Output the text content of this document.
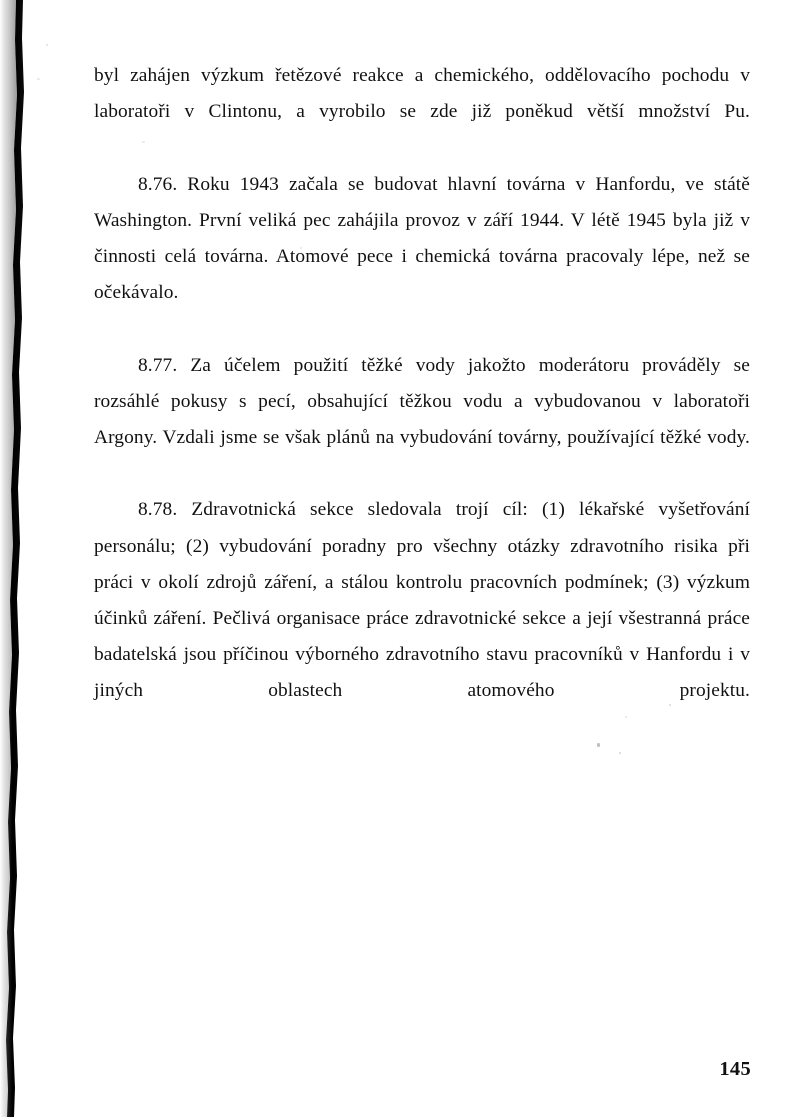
byl zahájen výzkum řetězové reakce a chemického, oddělovacího pochodu v laboratoři v Clintonu, a vyrobilo se zde již poněkud větší množství Pu.

8.76. Roku 1943 začala se budovat hlavní továrna v Hanfordu, ve státě Washington. První veliká pec zahájila provoz v září 1944. V létě 1945 byla již v činnosti celá továrna. Atomové pece i chemická továrna pracovaly lépe, než se očekávalo.

8.77. Za účelem použití těžké vody jakožto moderátoru prováděly se rozsáhlé pokusy s pecí, obsahující těžkou vodu a vybudovanou v laboratoři Argony. Vzdali jsme se však plánů na vybudování továrny, používající těžké vody.

8.78. Zdravotnická sekce sledovala trojí cíl: (1) lékařské vyšetřování personálu; (2) vybudování poradny pro všechny otázky zdravotního risika při práci v okolí zdrojů záření, a stálou kontrolu pracovních podmínek; (3) výzkum účinků záření. Pečlivá organisace práce zdravotnické sekce a její všestranná práce badatelská jsou příčinou výborného zdravotního stavu pracovníků v Hanfordu i v jiných oblastech atomového projektu.

145
